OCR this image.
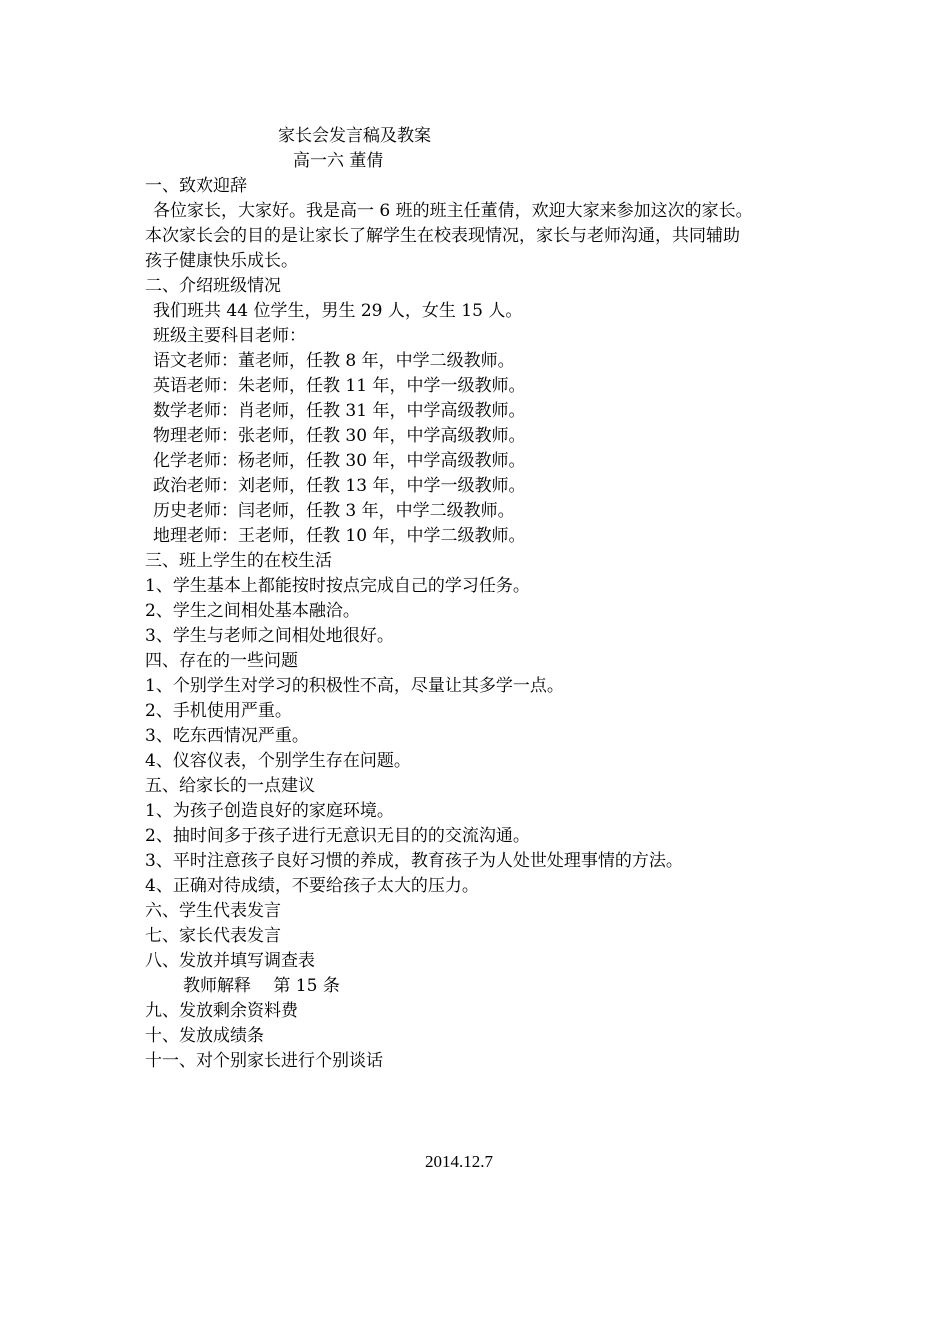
家长会发言稿及教案
高一六 董倩
一、致欢迎辞
各位家长，大家好。我是高一 6 班的班主任董倩，欢迎大家来参加这次的家长。
本次家长会的目的是让家长了解学生在校表现情况，家长与老师沟通，共同辅助
孩子健康快乐成长。
二、介绍班级情况
我们班共 44 位学生，男生 29 人，女生 15 人。
班级主要科目老师：
语文老师：董老师，任教 8 年，中学二级教师。
英语老师：朱老师，任教 11 年，中学一级教师。
数学老师：肖老师，任教 31 年，中学高级教师。
物理老师：张老师，任教 30 年，中学高级教师。
化学老师：杨老师，任教 30 年，中学高级教师。
政治老师：刘老师，任教 13 年，中学一级教师。
历史老师：闫老师，任教 3 年，中学二级教师。
地理老师：王老师，任教 10 年，中学二级教师。
三、班上学生的在校生活
1、学生基本上都能按时按点完成自己的学习任务。
2、学生之间相处基本融洽。
3、学生与老师之间相处地很好。
四、存在的一些问题
1、个别学生对学习的积极性不高，尽量让其多学一点。
2、手机使用严重。
3、吃东西情况严重。
4、仪容仪表，个别学生存在问题。
五、给家长的一点建议
1、为孩子创造良好的家庭环境。
2、抽时间多于孩子进行无意识无目的的交流沟通。
3、平时注意孩子良好习惯的养成，教育孩子为人处世处理事情的方法。
4、正确对待成绩，不要给孩子太大的压力。
六、学生代表发言
七、家长代表发言
八、发放并填写调查表
教师解释　 第 15 条
九、发放剩余资料费
十、发放成绩条
十一、对个别家长进行个别谈话
2014.12.7
